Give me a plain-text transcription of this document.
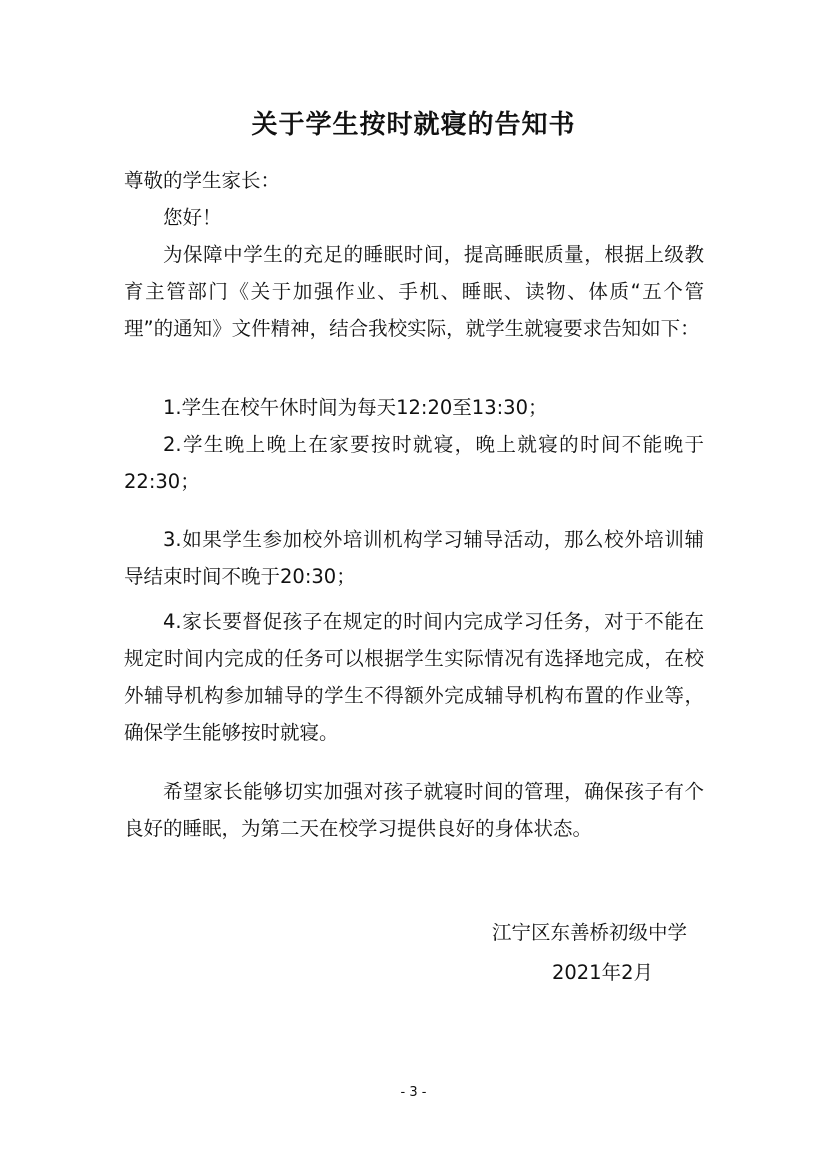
关于学生按时就寝的告知书
尊敬的学生家长：
您好！

为保障中学生的充足的睡眠时间，提高睡眠质量，根据上级教育主管部门《关于加强作业、手机、睡眠、读物、体质“五个管理”的通知》文件精神，结合我校实际，就学生就寝要求告知如下：

1.学生在校午休时间为每天12:20至13:30；

2.学生晚上晚上在家要按时就寝，晚上就寝的时间不能晚于22:30；

3.如果学生参加校外培训机构学习辅导活动，那么校外培训辅导结束时间不晚于20:30；

4.家长要督促孩子在规定的时间内完成学习任务，对于不能在规定时间内完成的任务可以根据学生实际情况有选择地完成，在校外辅导机构参加辅导的学生不得额外完成辅导机构布置的作业等，确保学生能够按时就寝。

希望家长能够切实加强对孩子就寝时间的管理，确保孩子有个良好的睡眠，为第二天在校学习提供良好的身体状态。

江宁区东善桥初级中学
2021年2月
- 3 -
